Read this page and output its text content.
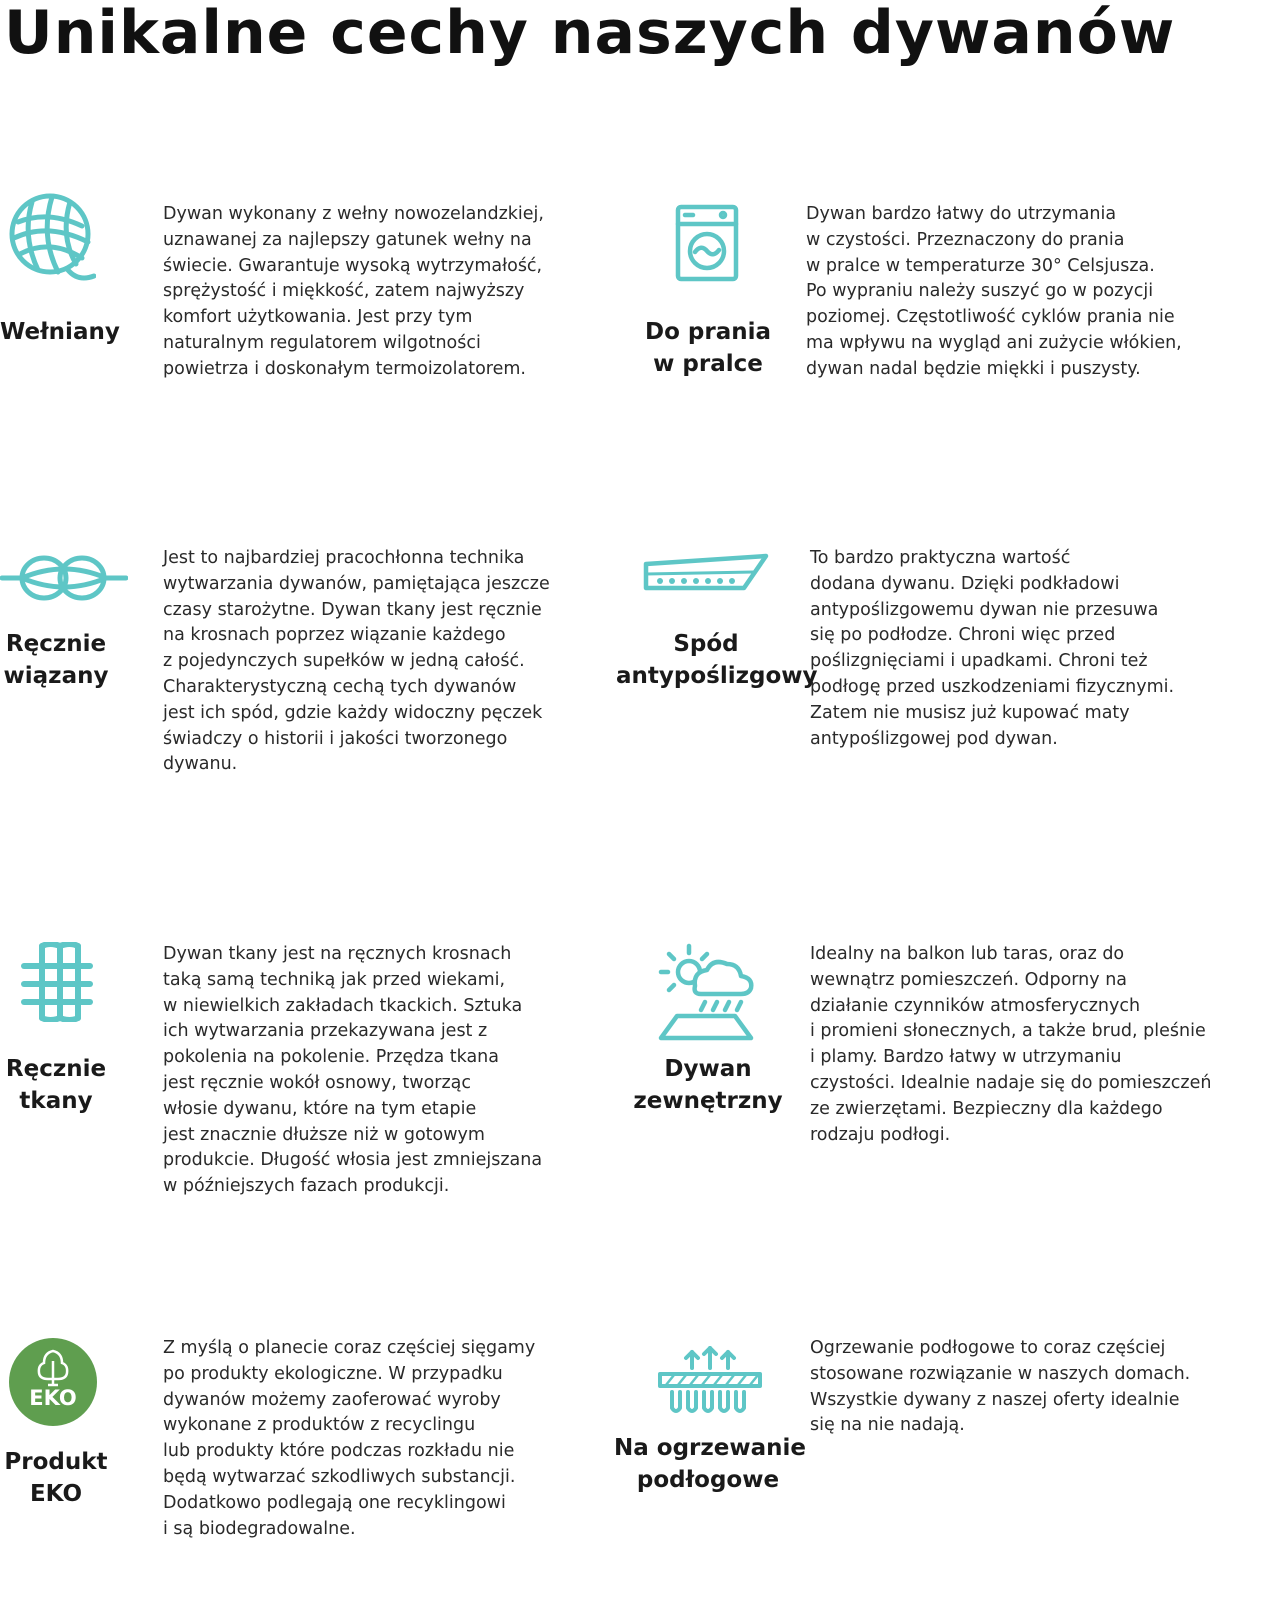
Unikalne cechy naszych dywanów
Wełniany
Dywan wykonany z wełny nowozelandzkiej,
uznawanej za najlepszy gatunek wełny na
świecie. Gwarantuje wysoką wytrzymałość,
sprężystość i miękkość, zatem najwyższy
komfort użytkowania. Jest przy tym
naturalnym regulatorem wilgotności
powietrza i doskonałym termoizolatorem.
Do prania
w pralce
Dywan bardzo łatwy do utrzymania
w czystości. Przeznaczony do prania
w pralce w temperaturze 30° Celsjusza.
Po wypraniu należy suszyć go w pozycji
poziomej. Częstotliwość cyklów prania nie
ma wpływu na wygląd ani zużycie włókien,
dywan nadal będzie miękki i puszysty.
Ręcznie
wiązany
Jest to najbardziej pracochłonna technika
wytwarzania dywanów, pamiętająca jeszcze
czasy starożytne. Dywan tkany jest ręcznie
na krosnach poprzez wiązanie każdego
z pojedynczych supełków w jedną całość.
Charakterystyczną cechą tych dywanów
jest ich spód, gdzie każdy widoczny pęczek
świadczy o historii i jakości tworzonego
dywanu.
Spód
antypoślizgowy
To bardzo praktyczna wartość
dodana dywanu. Dzięki podkładowi
antypoślizgowemu dywan nie przesuwa
się po podłodze. Chroni więc przed
poślizgnięciami i upadkami. Chroni też
podłogę przed uszkodzeniami fizycznymi.
Zatem nie musisz już kupować maty
antypoślizgowej pod dywan.
Ręcznie
tkany
Dywan tkany jest na ręcznych krosnach
taką samą techniką jak przed wiekami,
w niewielkich zakładach tkackich. Sztuka
ich wytwarzania przekazywana jest z
pokolenia na pokolenie. Przędza tkana
jest ręcznie wokół osnowy, tworząc
włosie dywanu, które na tym etapie
jest znacznie dłuższe niż w gotowym
produkcie. Długość włosia jest zmniejszana
w późniejszych fazach produkcji.
Dywan
zewnętrzny
Idealny na balkon lub taras, oraz do
wewnątrz pomieszczeń. Odporny na
działanie czynników atmosferycznych
i promieni słonecznych, a także brud, pleśnie
i plamy. Bardzo łatwy w utrzymaniu
czystości. Idealnie nadaje się do pomieszczeń
ze zwierzętami. Bezpieczny dla każdego
rodzaju podłogi.
EKO
Produkt
EKO
Z myślą o planecie coraz częściej sięgamy
po produkty ekologiczne. W przypadku
dywanów możemy zaoferować wyroby
wykonane z produktów z recyclingu
lub produkty które podczas rozkładu nie
będą wytwarzać szkodliwych substancji.
Dodatkowo podlegają one recyklingowi
i są biodegradowalne.
Na ogrzewanie
podłogowe
Ogrzewanie podłogowe to coraz częściej
stosowane rozwiązanie w naszych domach.
Wszystkie dywany z naszej oferty idealnie
się na nie nadają.
